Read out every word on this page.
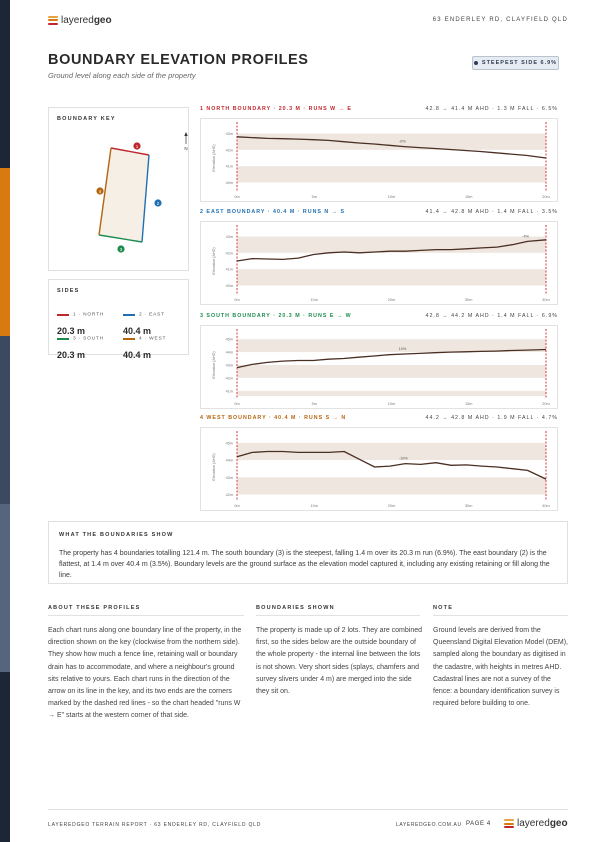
layeredgeo	63 ENDERLEY RD, CLAYFIELD QLD
BOUNDARY ELEVATION PROFILES
Ground level along each side of the property
STEEPEST SIDE 6.9%
BOUNDARY KEY
1
2
3
4
N
SIDES
1 · NORTH
20.3 m
2 · EAST
40.4 m
3 · SOUTH
20.3 m
4 · WEST
40.4 m
1 NORTH BOUNDARY · 20.3 M · RUNS W → E	42.8 → 41.4 M AHD · 1.3 M FALL · 6.5%
43m
42m
41m
40m
0m	5m	10m	15m	20m
Elevation (AHD)
-6%
2 EAST BOUNDARY · 40.4 M · RUNS N → S	41.4 → 42.8 M AHD · 1.4 M FALL · 3.5%
43m
42m
41m
40m
0m	10m	20m	30m	40m
Elevation (AHD)
-4%
3 SOUTH BOUNDARY · 20.3 M · RUNS E → W	42.8 → 44.2 M AHD · 1.4 M FALL · 6.9%
45m
44m
43m
42m
41m
0m	5m	10m	15m	20m
Elevation (AHD)
10%
4 WEST BOUNDARY · 40.4 M · RUNS S → N	44.2 → 42.8 M AHD · 1.9 M FALL · 4.7%
45m
44m
43m
42m
0m	10m	20m	30m	40m
Elevation (AHD)	-10%
WHAT THE BOUNDARIES SHOW
The property has 4 boundaries totalling 121.4 m. The south boundary (3) is the steepest, falling 1.4 m over its 20.3 m run (6.9%). The east boundary (2) is the flattest, at 1.4 m over 40.4 m (3.5%). Boundary levels are the ground surface as the elevation model captured it, including any existing retaining or fill along the line.
ABOUT THESE PROFILES
Each chart runs along one boundary line of the property, in the direction shown on the key (clockwise from the northern side). They show how much a fence line, retaining wall or boundary drain has to accommodate, and where a neighbour's ground sits relative to yours. Each chart runs in the direction of the arrow on its line in the key, and its two ends are the corners marked by the dashed red lines - so the chart headed "runs W → E" starts at the western corner of that side.
BOUNDARIES SHOWN
The property is made up of 2 lots. They are combined first, so the sides below are the outside boundary of the whole property - the internal line between the lots is not shown. Very short sides (splays, chamfers and survey slivers under 4 m) are merged into the side they sit on.
NOTE
Ground levels are derived from the Queensland Digital Elevation Model (DEM), sampled along the boundary as digitised in the cadastre, with heights in metres AHD. Cadastral lines are not a survey of the fence: a boundary identification survey is required before building to one.
LAYEREDGEO TERRAIN REPORT · 63 ENDERLEY RD, CLAYFIELD QLD	LAYEREDGEO.COM.AU PAGE 4	layeredgeo
